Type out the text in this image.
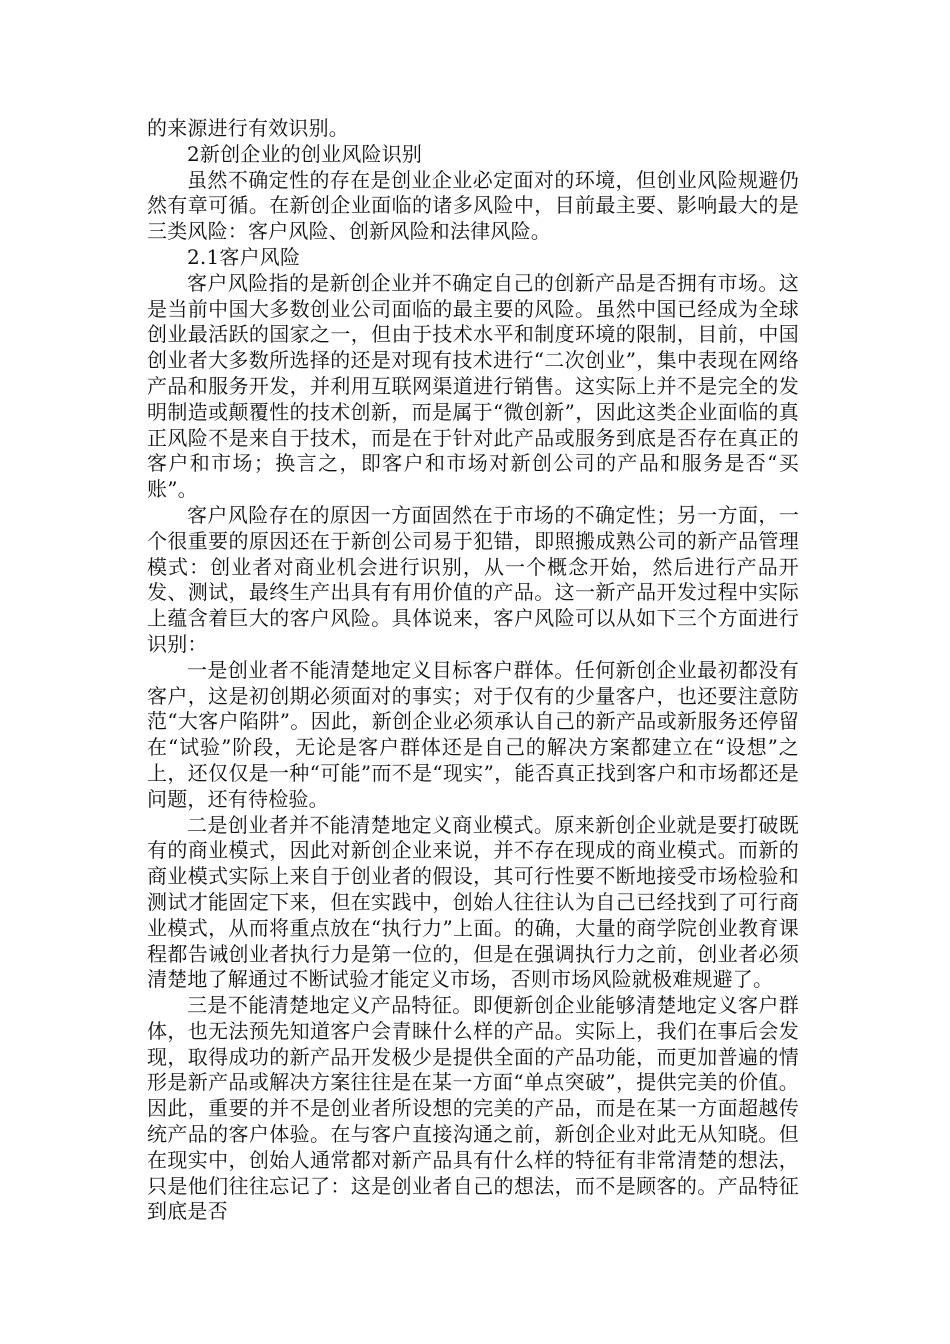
的来源进行有效识别。

2新创企业的创业风险识别

虽然不确定性的存在是创业企业必定面对的环境，但创业风险规避仍然有章可循。在新创企业面临的诸多风险中，目前最主要、影响最大的是三类风险：客户风险、创新风险和法律风险。

2.1客户风险

客户风险指的是新创企业并不确定自己的创新产品是否拥有市场。这是当前中国大多数创业公司面临的最主要的风险。虽然中国已经成为全球创业最活跃的国家之一，但由于技术水平和制度环境的限制，目前，中国创业者大多数所选择的还是对现有技术进行“二次创业”，集中表现在网络产品和服务开发，并利用互联网渠道进行销售。这实际上并不是完全的发明制造或颠覆性的技术创新，而是属于“微创新”，因此这类企业面临的真正风险不是来自于技术，而是在于针对此产品或服务到底是否存在真正的客户和市场；换言之，即客户和市场对新创公司的产品和服务是否“买账”。

客户风险存在的原因一方面固然在于市场的不确定性；另一方面，一个很重要的原因还在于新创公司易于犯错，即照搬成熟公司的新产品管理模式：创业者对商业机会进行识别，从一个概念开始，然后进行产品开发、测试，最终生产出具有有用价值的产品。这一新产品开发过程中实际上蕴含着巨大的客户风险。具体说来，客户风险可以从如下三个方面进行识别：

一是创业者不能清楚地定义目标客户群体。任何新创企业最初都没有客户，这是初创期必须面对的事实；对于仅有的少量客户，也还要注意防范“大客户陷阱”。因此，新创企业必须承认自己的新产品或新服务还停留在“试验”阶段，无论是客户群体还是自己的解决方案都建立在“设想”之上，还仅仅是一种“可能”而不是“现实”，能否真正找到客户和市场都还是问题，还有待检验。

二是创业者并不能清楚地定义商业模式。原来新创企业就是要打破既有的商业模式，因此对新创企业来说，并不存在现成的商业模式。而新的商业模式实际上来自于创业者的假设，其可行性要不断地接受市场检验和测试才能固定下来，但在实践中，创始人往往认为自己已经找到了可行商业模式，从而将重点放在“执行力”上面。的确，大量的商学院创业教育课程都告诫创业者执行力是第一位的，但是在强调执行力之前，创业者必须清楚地了解通过不断试验才能定义市场，否则市场风险就极难规避了。

三是不能清楚地定义产品特征。即便新创企业能够清楚地定义客户群体，也无法预先知道客户会青睐什么样的产品。实际上，我们在事后会发现，取得成功的新产品开发极少是提供全面的产品功能，而更加普遍的情形是新产品或解决方案往往是在某一方面“单点突破”，提供完美的价值。因此，重要的并不是创业者所设想的完美的产品，而是在某一方面超越传统产品的客户体验。在与客户直接沟通之前，新创企业对此无从知晓。但在现实中，创始人通常都对新产品具有什么样的特征有非常清楚的想法，只是他们往往忘记了：这是创业者自己的想法，而不是顾客的。产品特征到底是否
